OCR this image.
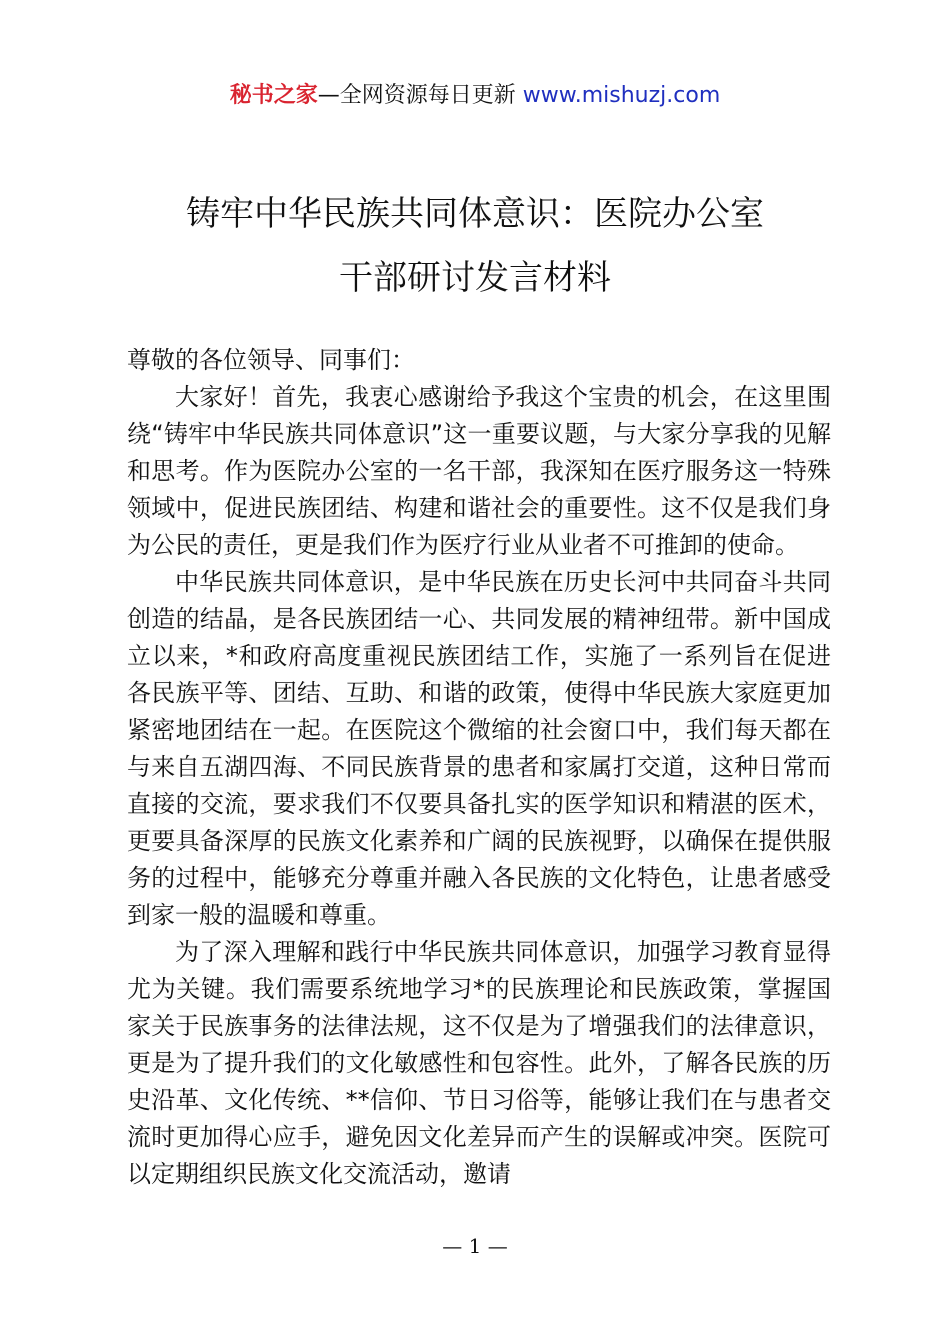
秘书之家—全网资源每日更新 www.mishuzj.com
铸牢中华民族共同体意识：医院办公室
干部研讨发言材料

尊敬的各位领导、同事们：

大家好！首先，我衷心感谢给予我这个宝贵的机会，在这里围绕“铸牢中华民族共同体意识”这一重要议题，与大家分享我的见解和思考。作为医院办公室的一名干部，我深知在医疗服务这一特殊领域中，促进民族团结、构建和谐社会的重要性。这不仅是我们身为公民的责任，更是我们作为医疗行业从业者不可推卸的使命。

中华民族共同体意识，是中华民族在历史长河中共同奋斗共同创造的结晶，是各民族团结一心、共同发展的精神纽带。新中国成立以来，*和政府高度重视民族团结工作，实施了一系列旨在促进各民族平等、团结、互助、和谐的政策，使得中华民族大家庭更加紧密地团结在一起。在医院这个微缩的社会窗口中，我们每天都在与来自五湖四海、不同民族背景的患者和家属打交道，这种日常而直接的交流，要求我们不仅要具备扎实的医学知识和精湛的医术，更要具备深厚的民族文化素养和广阔的民族视野，以确保在提供服务的过程中，能够充分尊重并融入各民族的文化特色，让患者感受到家一般的温暖和尊重。

为了深入理解和践行中华民族共同体意识，加强学习教育显得尤为关键。我们需要系统地学习*的民族理论和民族政策，掌握国家关于民族事务的法律法规，这不仅是为了增强我们的法律意识，更是为了提升我们的文化敏感性和包容性。此外，了解各民族的历史沿革、文化传统、**信仰、节日习俗等，能够让我们在与患者交流时更加得心应手，避免因文化差异而产生的误解或冲突。医院可以定期组织民族文化交流活动，邀请

— 1 —
